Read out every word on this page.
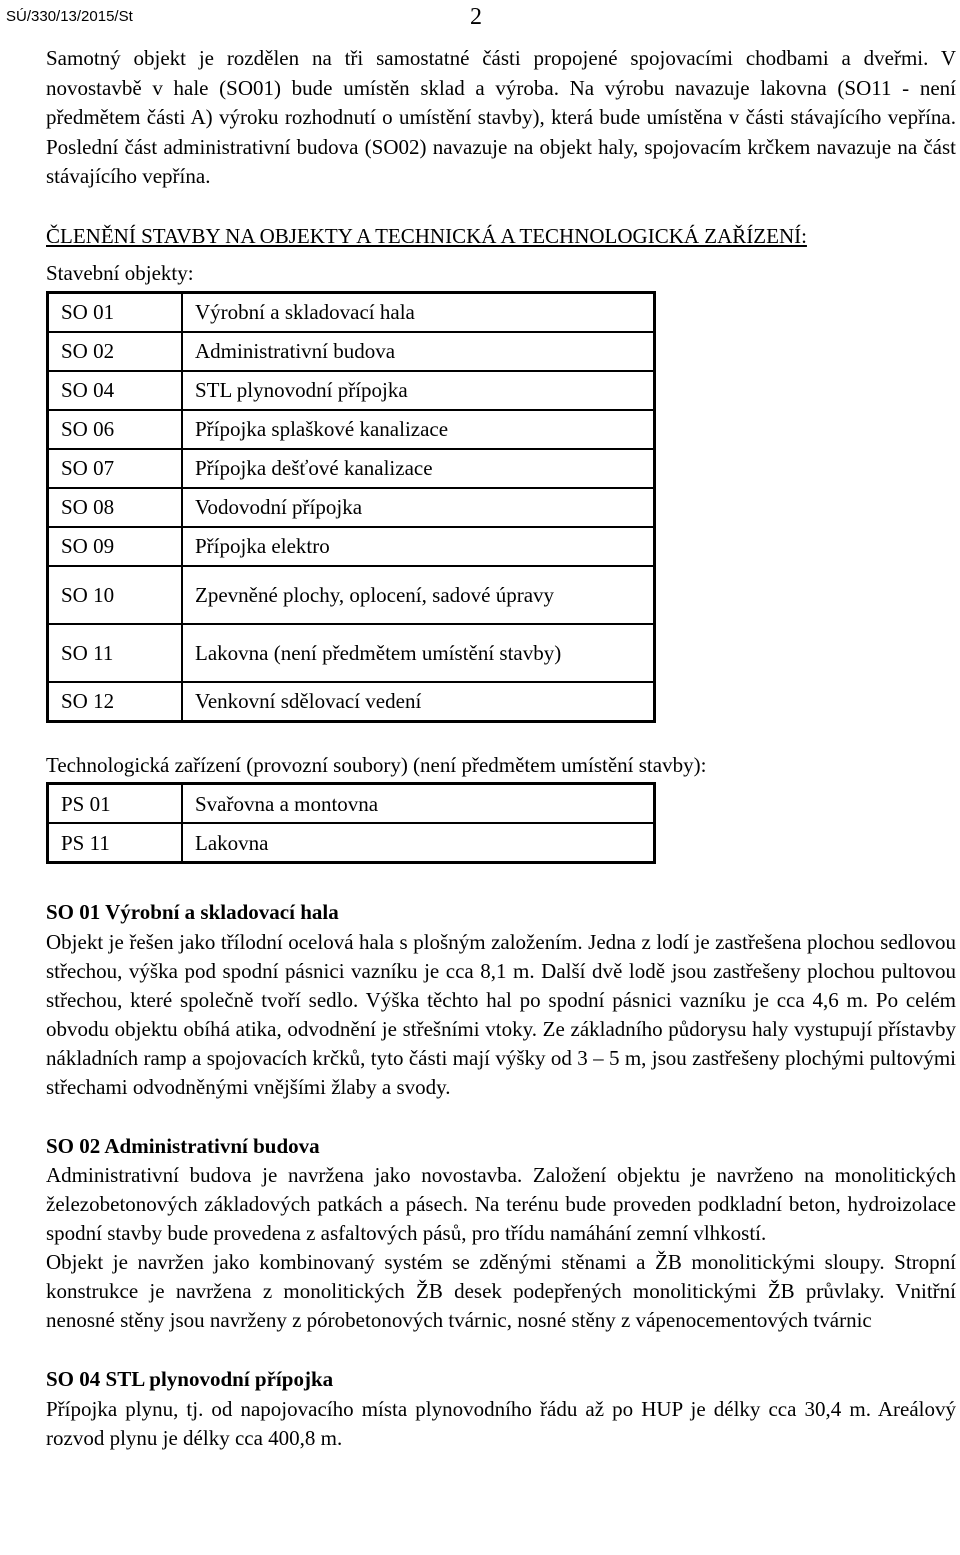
SÚ/330/13/2015/St	2

Samotný objekt je rozdělen na tři samostatné části propojené spojovacími chodbami a dveřmi. V novostavbě v hale (SO01) bude umístěn sklad a výroba. Na výrobu navazuje lakovna (SO11 - není předmětem části A) výroku rozhodnutí o umístění stavby), která bude umístěna v části stávajícího vepřína. Poslední část administrativní budova (SO02) navazuje na objekt haly, spojovacím krčkem navazuje na část stávajícího vepřína.

ČLENĚNÍ STAVBY NA OBJEKTY A TECHNICKÁ A TECHNOLOGICKÁ ZAŘÍZENÍ:

Stavební objekty:

SO 01	Výrobní a skladovací hala
SO 02	Administrativní budova
SO 04	STL plynovodní přípojka
SO 06	Přípojka splaškové kanalizace
SO 07	Přípojka dešťové kanalizace
SO 08	Vodovodní přípojka
SO 09	Přípojka elektro
SO 10	Zpevněné plochy, oplocení, sadové úpravy
SO 11	Lakovna (není předmětem umístění stavby)
SO 12	Venkovní sdělovací vedení

Technologická zařízení (provozní soubory) (není předmětem umístění stavby):

PS 01	Svařovna a montovna
PS 11	Lakovna

SO 01 Výrobní a skladovací hala

Objekt je řešen jako třílodní ocelová hala s plošným založením. Jedna z lodí je zastřešena plochou sedlovou střechou, výška pod spodní pásnici vazníku je cca 8,1 m. Další dvě lodě jsou zastřešeny plochou pultovou střechou, které společně tvoří sedlo. Výška těchto hal po spodní pásnici vazníku je cca 4,6 m. Po celém obvodu objektu obíhá atika, odvodnění je střešními vtoky. Ze základního půdorysu haly vystupují přístavby nákladních ramp a spojovacích krčků, tyto části mají výšky od 3 – 5 m, jsou zastřešeny plochými pultovými střechami odvodněnými vnějšími žlaby a svody.

SO 02 Administrativní budova

Administrativní budova je navržena jako novostavba. Založení objektu je navrženo na monolitických železobetonových základových patkách a pásech. Na terénu bude proveden podkladní beton, hydroizolace spodní stavby bude provedena z asfaltových pásů, pro třídu namáhání zemní vlhkostí.

Objekt je navržen jako kombinovaný systém se zděnými stěnami a ŽB monolitickými sloupy. Stropní konstrukce je navržena z monolitických ŽB desek podepřených monolitickými ŽB průvlaky. Vnitřní nenosné stěny jsou navrženy z pórobetonových tvárnic, nosné stěny z vápenocementových tvárnic

SO 04 STL plynovodní přípojka

Přípojka plynu, tj. od napojovacího místa plynovodního řádu až po HUP je délky cca 30,4 m. Areálový rozvod plynu je délky cca 400,8 m.
